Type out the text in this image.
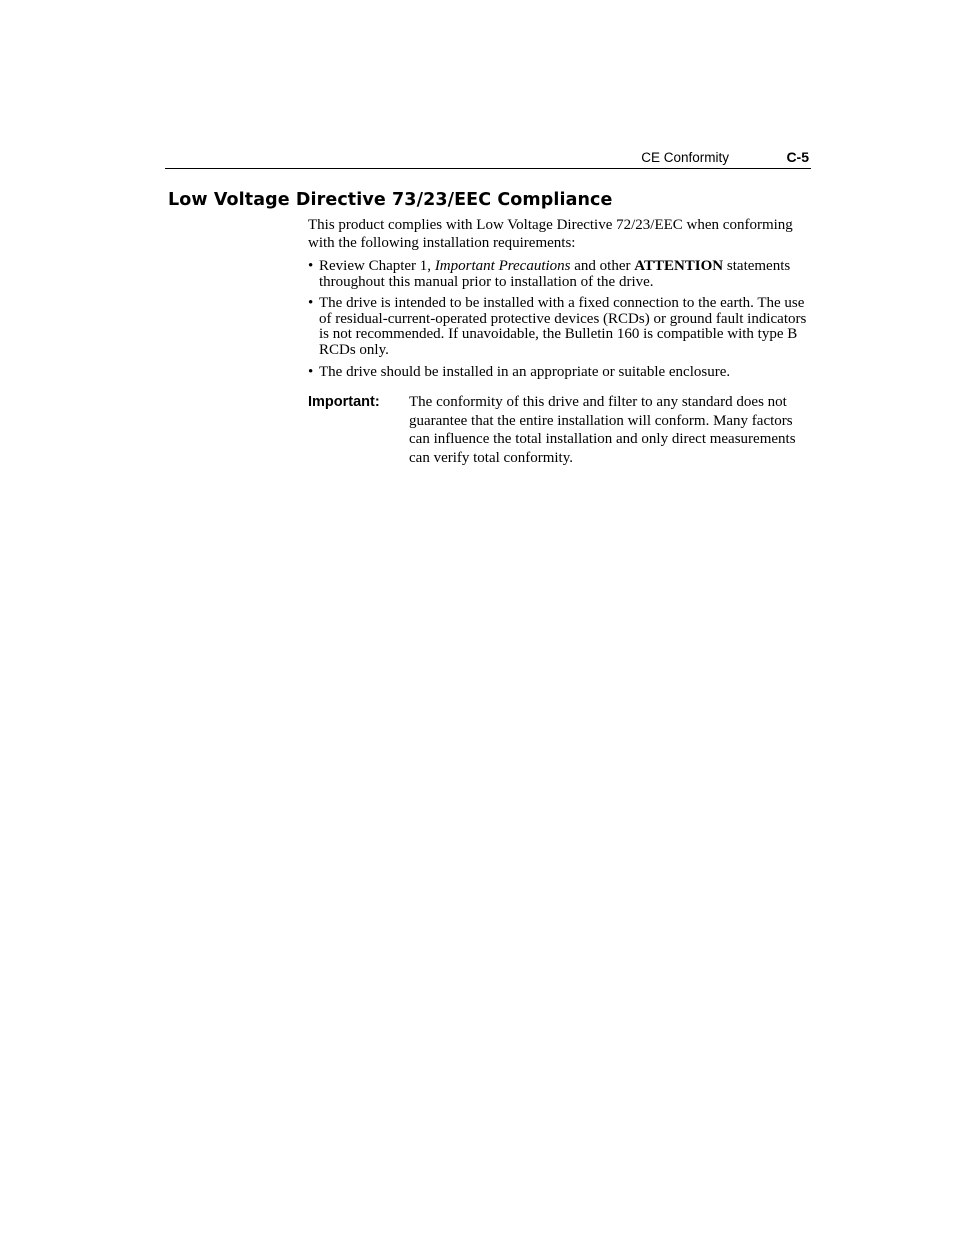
CE Conformity	C-5
Low Voltage Directive 73/23/EEC Compliance

This product complies with Low Voltage Directive 72/23/EEC when conforming with the following installation requirements:

• Review Chapter 1, Important Precautions and other ATTENTION statements throughout this manual prior to installation of the drive.
• The drive is intended to be installed with a fixed connection to the earth. The use of residual-current-operated protective devices (RCDs) or ground fault indicators is not recommended. If unavoidable, the Bulletin 160 is compatible with type B RCDs only.
• The drive should be installed in an appropriate or suitable enclosure.
Important:	The conformity of this drive and filter to any standard does not guarantee that the entire installation will conform. Many factors can influence the total installation and only direct measurements can verify total conformity.
